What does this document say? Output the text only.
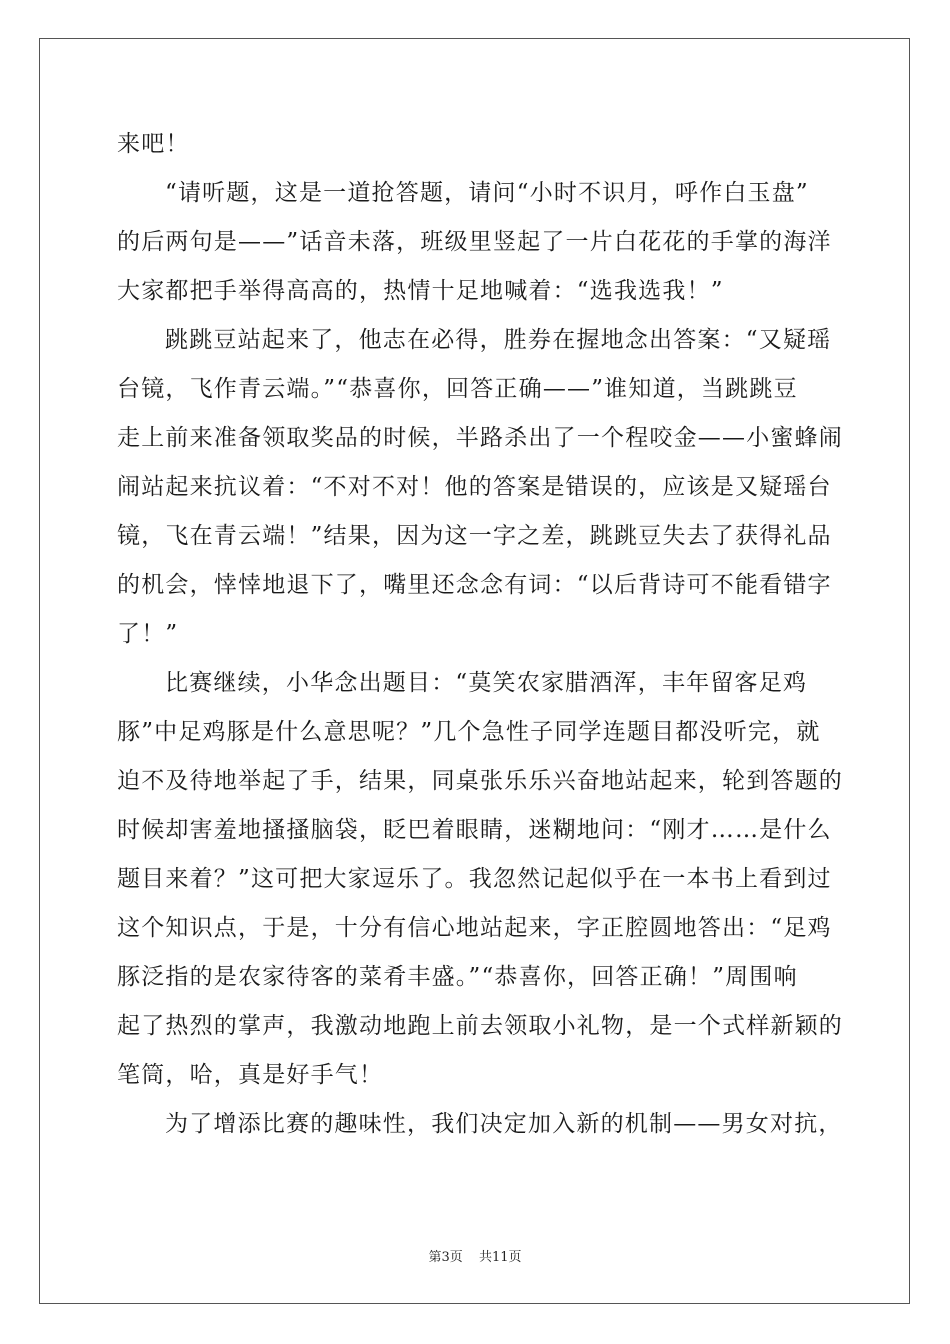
来吧！
“请听题，这是一道抢答题，请问“小时不识月，呼作白玉盘”
的后两句是——”话音未落，班级里竖起了一片白花花的手掌的海洋
大家都把手举得高高的，热情十足地喊着：“选我选我！”
跳跳豆站起来了，他志在必得，胜券在握地念出答案：“又疑瑶
台镜，飞作青云端。”“恭喜你，回答正确——”谁知道，当跳跳豆
走上前来准备领取奖品的时候，半路杀出了一个程咬金——小蜜蜂闹
闹站起来抗议着：“不对不对！他的答案是错误的，应该是又疑瑶台
镜，飞在青云端！”结果，因为这一字之差，跳跳豆失去了获得礼品
的机会，悻悻地退下了，嘴里还念念有词：“以后背诗可不能看错字
了！”
比赛继续，小华念出题目：“莫笑农家腊酒浑，丰年留客足鸡
豚”中足鸡豚是什么意思呢？”几个急性子同学连题目都没听完，就
迫不及待地举起了手，结果，同桌张乐乐兴奋地站起来，轮到答题的
时候却害羞地搔搔脑袋，眨巴着眼睛，迷糊地问：“刚才……是什么
题目来着？”这可把大家逗乐了。我忽然记起似乎在一本书上看到过
这个知识点，于是，十分有信心地站起来，字正腔圆地答出：“足鸡
豚泛指的是农家待客的菜肴丰盛。”“恭喜你，回答正确！”周围响
起了热烈的掌声，我激动地跑上前去领取小礼物，是一个式样新颖的
笔筒，哈，真是好手气！
为了增添比赛的趣味性，我们决定加入新的机制——男女对抗，
第3页 共11页
